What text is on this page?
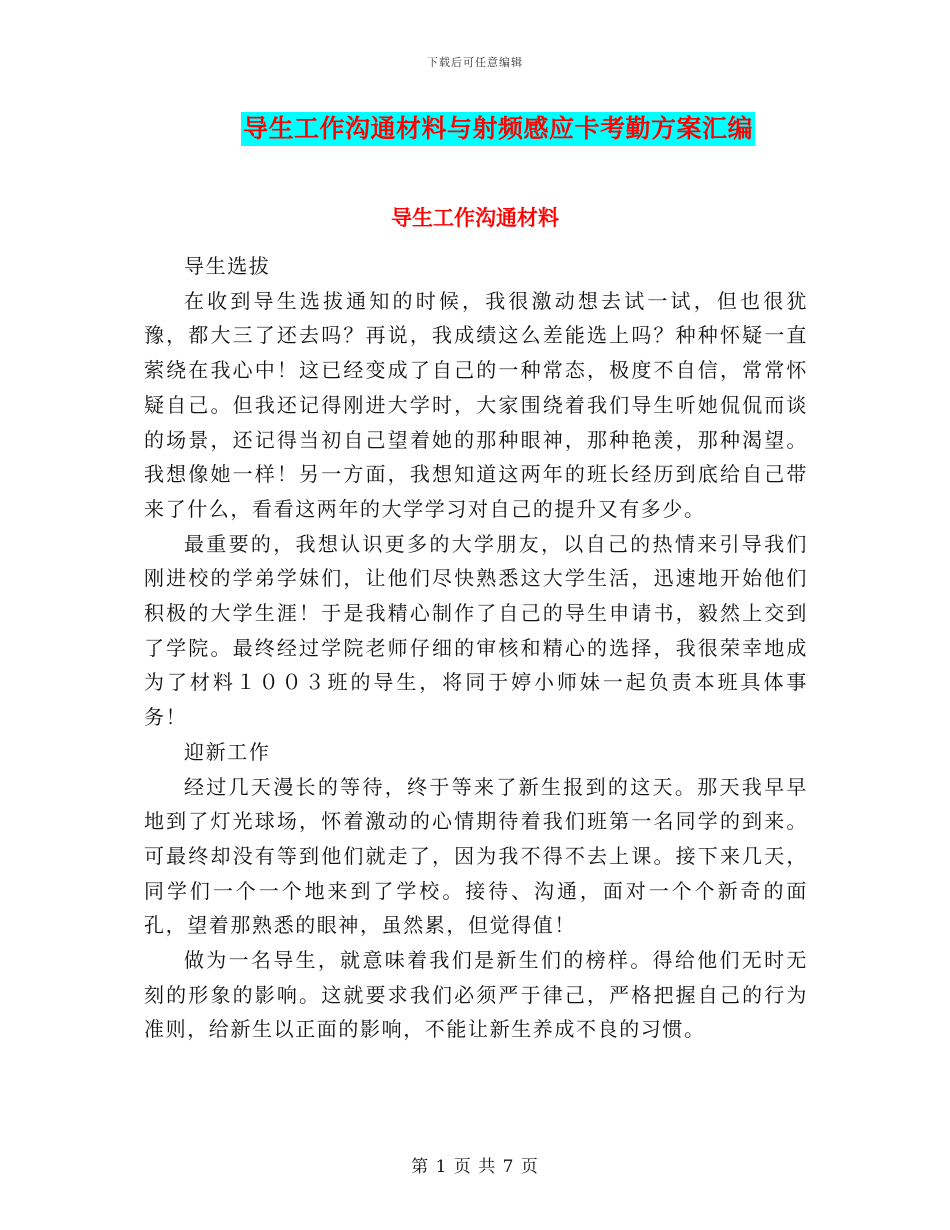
下载后可任意编辑
导生工作沟通材料与射频感应卡考勤方案汇编
导生工作沟通材料

导生选拔

在收到导生选拔通知的时候，我很激动想去试一试，但也很犹豫，都大三了还去吗？再说，我成绩这么差能选上吗？种种怀疑一直萦绕在我心中！这已经变成了自己的一种常态，极度不自信，常常怀疑自己。但我还记得刚进大学时，大家围绕着我们导生听她侃侃而谈的场景，还记得当初自己望着她的那种眼神，那种艳羡，那种渴望。我想像她一样！另一方面，我想知道这两年的班长经历到底给自己带来了什么，看看这两年的大学学习对自己的提升又有多少。

最重要的，我想认识更多的大学朋友，以自己的热情来引导我们刚进校的学弟学妹们，让他们尽快熟悉这大学生活，迅速地开始他们积极的大学生涯！于是我精心制作了自己的导生申请书，毅然上交到了学院。最终经过学院老师仔细的审核和精心的选择，我很荣幸地成为了材料１００３班的导生，将同于婷小师妹一起负责本班具体事务！

迎新工作

经过几天漫长的等待，终于等来了新生报到的这天。那天我早早地到了灯光球场，怀着激动的心情期待着我们班第一名同学的到来。可最终却没有等到他们就走了，因为我不得不去上课。接下来几天，同学们一个一个地来到了学校。接待、沟通，面对一个个新奇的面孔，望着那熟悉的眼神，虽然累，但觉得值！

做为一名导生，就意味着我们是新生们的榜样。得给他们无时无刻的形象的影响。这就要求我们必须严于律己，严格把握自己的行为准则，给新生以正面的影响，不能让新生养成不良的习惯。

第 1 页 共 7 页
